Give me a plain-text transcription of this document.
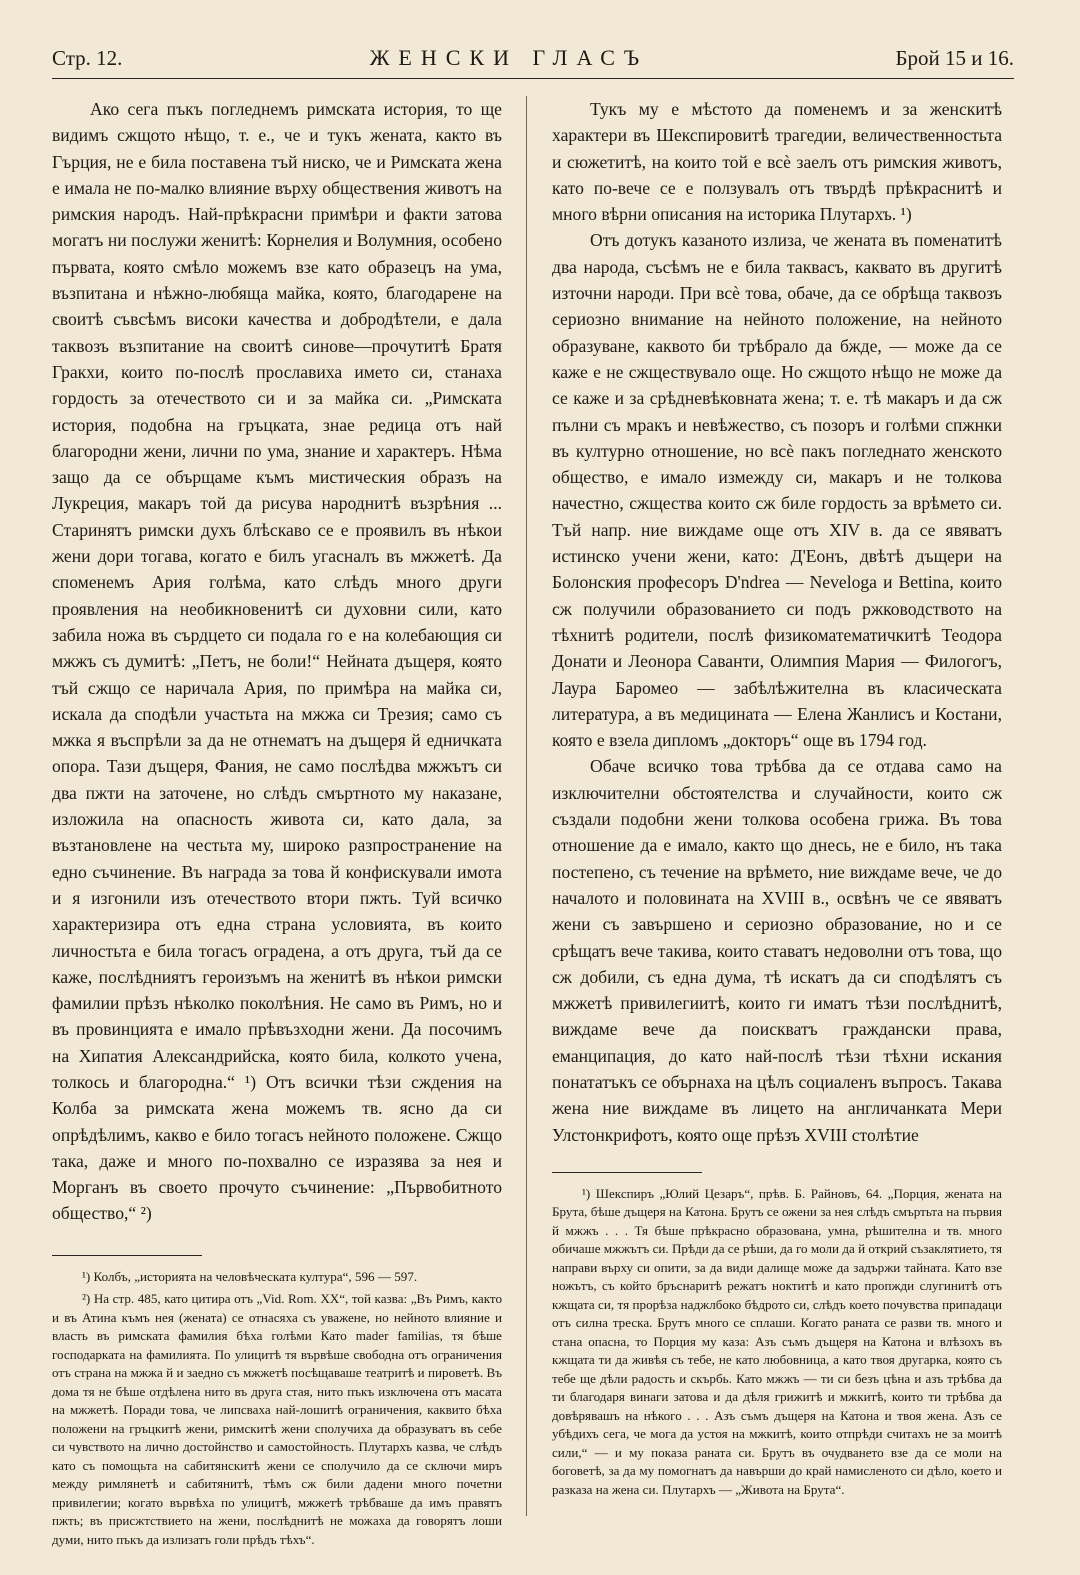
Стр. 12.	ЖЕНСКИ ГЛАСЪ	Брой 15 и 16.

Ако сега пъкъ погледнемъ римската история, то ще видимъ сжщото нѣщо, т. е., че и тукъ жената, както въ Гърция, не е била поставена тъй ниско, че и Римската жена е имала не по-малко влияние върху обществения животъ на римския народъ. Най-прѣкрасни примѣри и факти затова могатъ ни послужи женитѣ: Корнелия и Волумния, особено първата, която смѣло можемъ взе като образецъ на ума, възпитана и нѣжно-любяща майка, която, благодарене на своитѣ съвсѣмъ високи качества и добродѣтели, е дала таквозъ възпитание на своитѣ синове—прочутитѣ Братя Гракхи, които по-послѣ прославиха името си, станаха гордость за отечеството си и за майка си. „Римската история, подобна на гръцката, знае редица отъ най благородни жени, лични по ума, знание и характеръ. Нѣма защо да се обърщаме къмъ мистическия образъ на Лукреция, макаръ той да рисува народнитѣ възрѣния ... Старинятъ римски духъ блѣскаво се е проявилъ въ нѣкои жени дори тогава, когато е билъ угасналъ въ мжжетѣ. Да споменемъ Ария голѣма, като слѣдъ много други проявления на необикновенитѣ си духовни сили, като забила ножа въ сърдцето си подала го е на колебающия си мжжъ съ думитѣ: „Петъ, не боли!“ Нейната дъщеря, която тъй сжщо се наричала Ария, по примѣра на майка си, искала да сподѣли участьта на мжжа си Трезия; само съ мжка я въспрѣли за да не отнематъ на дъщеря й едничката опора. Тази дъщеря, Фания, не само послѣдва мжжътъ си два пжти на заточене, но слѣдъ смъртното му наказане, изложила на опасность живота си, като дала, за възтановлене на честьта му, широко разпространение на едно съчинение. Въ награда за това й конфискували имота и я изгонили изъ отечеството втори пжть. Туй всичко характеризира отъ една страна условията, въ които личностьта е била тогасъ оградена, а отъ друга, тъй да се каже, послѣдниятъ героизъмъ на женитѣ въ нѣкои римски фамилии прѣзъ нѣколко поколѣния. Не само въ Римъ, но и въ провинцията е имало прѣвъзходни жени. Да посочимъ на Хипатия Александрийска, която била, колкото учена, толкось и благородна.“ ¹) Отъ всички тѣзи сждения на Колба за римската жена можемъ тв. ясно да си опрѣдѣлимъ, какво е било тогасъ нейното положене. Сжщо така, даже и много по-похвално се изразява за нея и Морганъ въ своето прочуто съчинение: „Първобитното общество,“ ²)

¹) Колбъ, „историята на человѣческата култура“, 596 — 597.

²) На стр. 485, като цитира отъ „Vid. Rom. XX“, той казва: „Въ Римъ, както и въ Атина къмъ нея (жената) се отнасяха съ уважене, но нейното влияние и власть въ римската фамилия бѣха голѣми Като mader familias, тя бѣше господарката на фамилията. По улицитѣ тя вървѣше свободна отъ ограничения отъ страна на мжжа й и заедно съ мжжетѣ посѣщаваше театритѣ и пироветѣ. Въ дома тя не бѣше отдѣлена нито въ друга стая, нито пъкъ изключена отъ масата на мжжетѣ. Поради това, че липсваха най-лошитѣ ограничения, каквито бѣха положени на гръцкитѣ жени, римскитѣ жени сполучиха да образуватъ въ себе си чувството на лично достойнство и самостойность. Плутархъ казва, че слѣдъ като съ помощьта на сабитянскитѣ жени се сполучило да се сключи миръ между римлянетѣ и сабитянитѣ, тѣмъ сж били дадени много почетни привилегии; когато вървѣха по улицитѣ, мжжетѣ трѣбваше да имъ правятъ пжть; въ присжтствието на жени, послѣднитѣ не можаха да говорятъ лоши думи, нито пъкъ да излизатъ голи прѣдъ тѣхъ“.

Тукъ му е мѣстото да поменемъ и за женскитѣ характери въ Шекспировитѣ трагедии, величественностьта и сюжетитѣ, на които той е всѐ заелъ отъ римския животъ, като по-вече се е ползувалъ отъ твърдѣ прѣкраснитѣ и много вѣрни описания на историка Плутархъ. ¹)

Отъ дотукъ казаното излиза, че жената въ поменатитѣ два народа, съсѣмъ не е била таквасъ, каквато въ другитѣ източни народи. При всѐ това, обаче, да се обрѣща таквозъ сериозно внимание на нейното положение, на нейното образуване, каквото би трѣбрало да бжде, — може да се каже е не сжществувало още. Но сжщото нѣщо не може да се каже и за срѣдневѣковната жена; т. е. тѣ макаръ и да сж пълни съ мракъ и невѣжество, съ позоръ и голѣми спжнки въ културно отношение, но всѐ пакъ погледнато женското общество, е имало измежду си, макаръ и не толкова начестно, сжщества които сж биле гордость за врѣмето си. Тъй напр. ние виждаме още отъ XIV в. да се явяватъ истинско учени жени, като: Д'Еонъ, двѣтѣ дъщери на Болонския професоръ D'ndrea — Neveloga и Bettina, които сж получили образованието си подъ ржководството на тѣхнитѣ родители, послѣ физикоматематичкитѣ Теодора Донати и Леонора Саванти, Олимпия Мария — Филогогъ, Лаура Баромео — забѣлѣжителна въ класическата литература, а въ медицината — Елена Жанлисъ и Костани, която е взела дипломъ „докторъ“ още въ 1794 год.

Обаче всичко това трѣбва да се отдава само на изключителни обстоятелства и случайности, които сж създали подобни жени толкова особена грижа. Въ това отношение да е имало, както що днесь, не е било, нъ така постепено, съ течение на врѣмето, ние виждаме вече, че до началото и половината на XVIII в., освѣнъ че се явяватъ жени съ завършено и сериозно образование, но и се срѣщатъ вече такива, които ставатъ недоволни отъ това, що сж добили, съ една дума, тѣ искатъ да си сподѣлятъ съ мжжетѣ привилегиитѣ, които ги иматъ тѣзи послѣднитѣ, виждаме вече да поискватъ граждански права, еманципация, до като най-послѣ тѣзи тѣхни искания понататъкъ се обърнаха на цѣлъ социаленъ въпросъ. Такава жена ние виждаме въ лицето на англичанката Мери Улстонкрифотъ, която още прѣзъ XVIII столѣтие

¹) Шекспиръ „Юлий Цезаръ“, прѣв. Б. Райновъ, 64. „Порция, жената на Брута, бѣше дъщеря на Катона. Брутъ се ожени за нея слѣдъ смъртьта на първия й мжжъ . . . Тя бѣше прѣкрасно образована, умна, рѣшителна и тв. много обичаше мжжътъ си. Прѣди да се рѣши, да го моли да й открий съзаклятието, тя направи върху си опити, за да види далище може да задържи тайната. Като взе ножътъ, съ който бръснаритѣ режатъ ноктитѣ и като пропжди слугинитѣ отъ кжщата си, тя прорѣза наджлбоко бѣдрото си, слѣдъ което почувства припадаци отъ силна треска. Брутъ много се сплаши. Когато раната се разви тв. много и стана опасна, то Порция му каза: Азъ съмъ дъщеря на Катона и влѣзохъ въ кжщата ти да живѣя съ тебе, не като любовница, а като твоя другарка, която съ тебе ще дѣли радость и скърбь. Като мжжъ — ти си безъ цѣна и азъ трѣбва да ти благодаря винаги затова и да дѣля грижитѣ и мжкитѣ, които ти трѣбва да довѣрявашъ на нѣкого . . . Азъ съмъ дъщеря на Катона и твоя жена. Азъ се убѣдихъ сега, че мога да устоя на мжкитѣ, които отпрѣди считахъ не за моитѣ сили,“ — и му показа раната си. Брутъ въ очудването взе да се моли на боговетѣ, за да му помогнатъ да навърши до край намисленото си дѣло, което и разказа на жена си. Плутархъ — „Живота на Брута“.
